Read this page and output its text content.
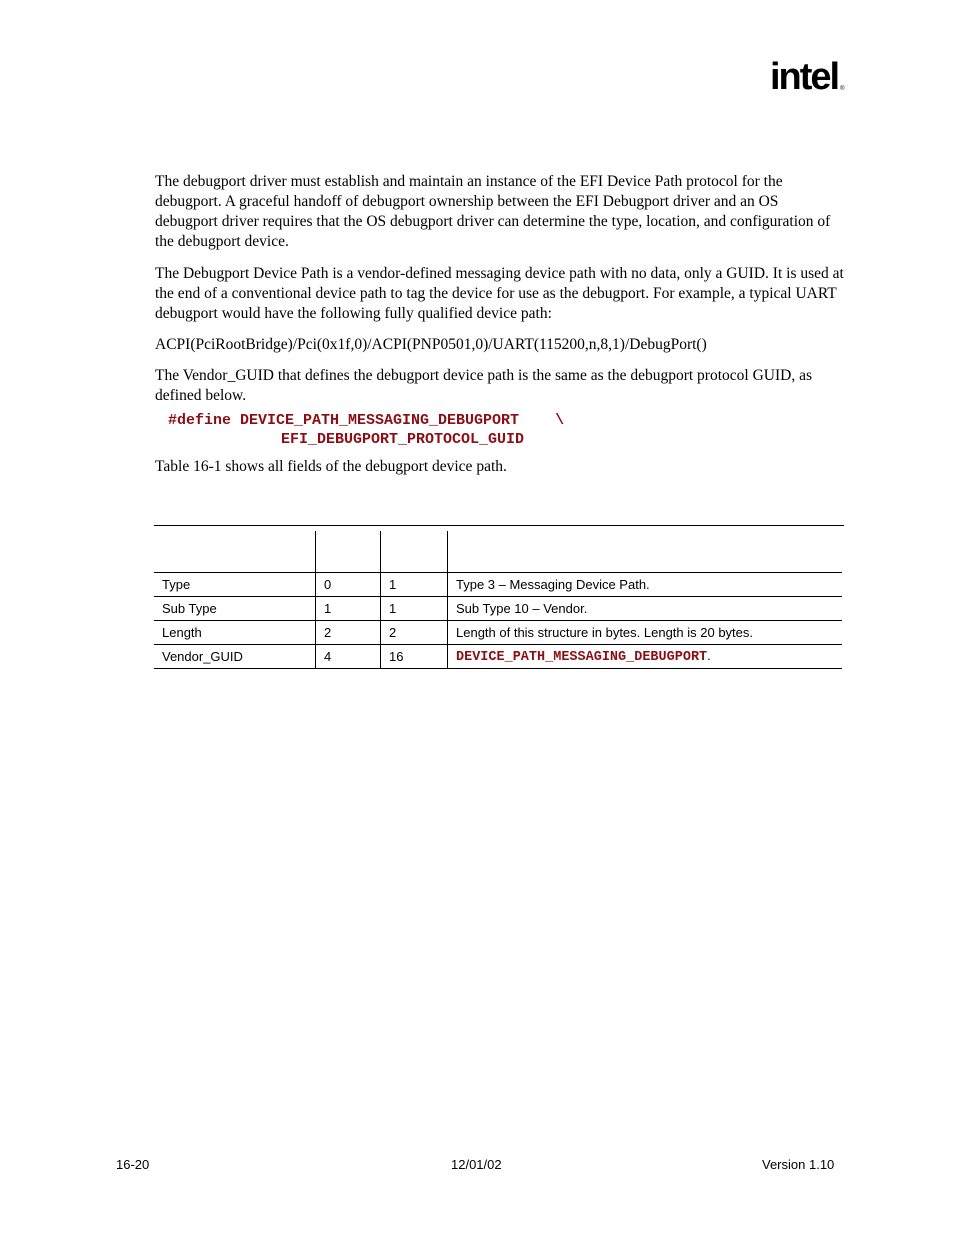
intel ®

The debugport driver must establish and maintain an instance of the EFI Device Path protocol for the debugport. A graceful handoff of debugport ownership between the EFI Debugport driver and an OS debugport driver requires that the OS debugport driver can determine the type, location, and configuration of the debugport device.

The Debugport Device Path is a vendor-defined messaging device path with no data, only a GUID. It is used at the end of a conventional device path to tag the device for use as the debugport. For example, a typical UART debugport would have the following fully qualified device path:

ACPI(PciRootBridge)/Pci(0x1f,0)/ACPI(PNP0501,0)/UART(115200,n,8,1)/DebugPort()

The Vendor_GUID that defines the debugport device path is the same as the debugport protocol GUID, as defined below.

#define DEVICE_PATH_MESSAGING_DEBUGPORT    \
EFI_DEBUGPORT_PROTOCOL_GUID

Table 16-1 shows all fields of the debugport device path.

Type	0	1	Type 3 – Messaging Device Path.
Sub Type	1	1	Sub Type 10 – Vendor.
Length	2	2	Length of this structure in bytes. Length is 20 bytes.
Vendor_GUID	4	16	DEVICE_PATH_MESSAGING_DEBUGPORT.
16-20	12/01/02	Version 1.10
